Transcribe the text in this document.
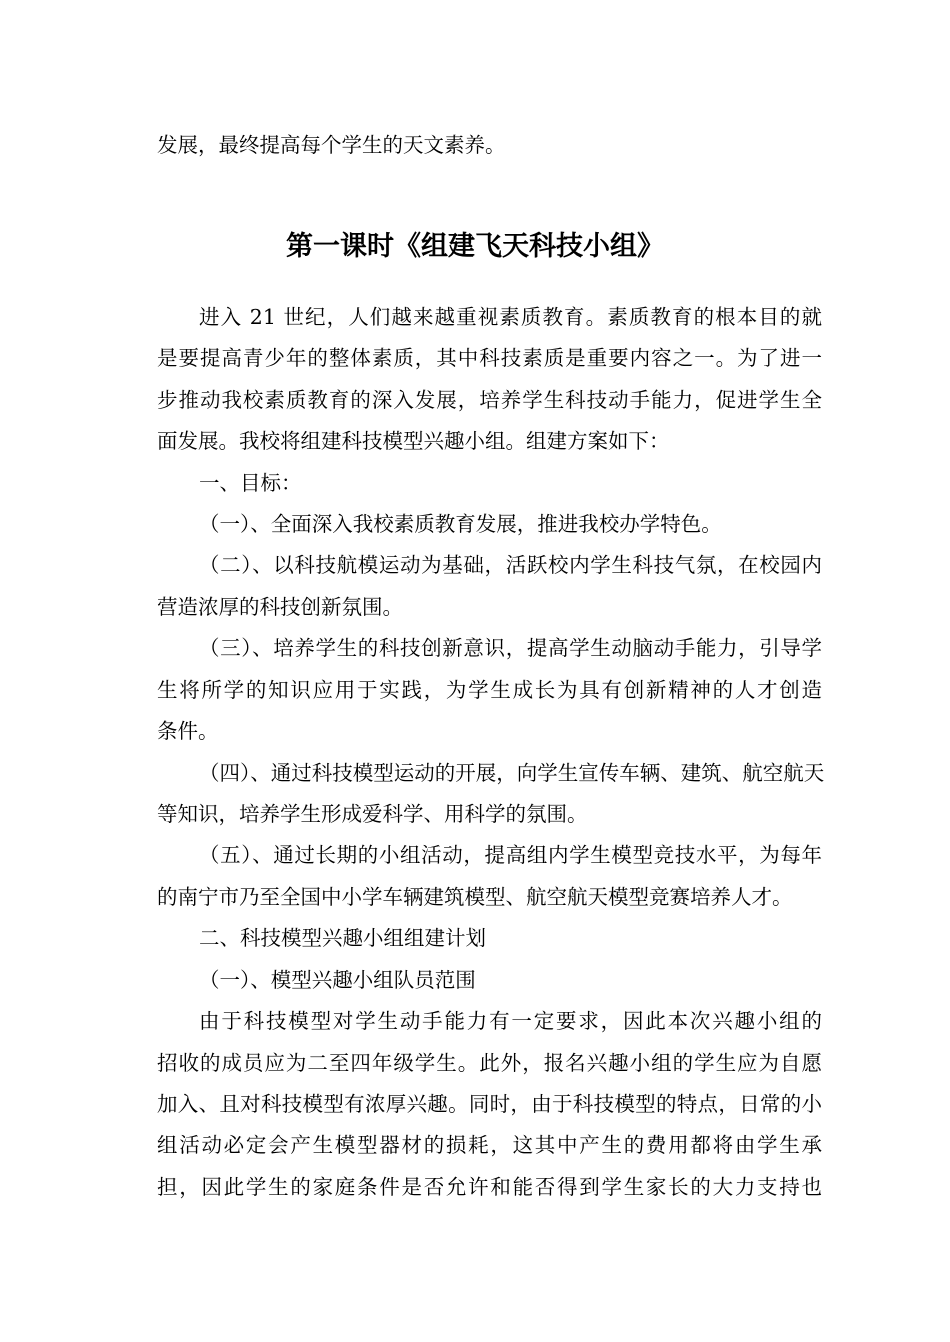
发展，最终提高每个学生的天文素养。
第一课时《组建飞天科技小组》
进入 21 世纪，人们越来越重视素质教育。素质教育的根本目的就
是要提高青少年的整体素质，其中科技素质是重要内容之一。为了进一
步推动我校素质教育的深入发展，培养学生科技动手能力，促进学生全
面发展。我校将组建科技模型兴趣小组。组建方案如下：
一、目标：
（一）、全面深入我校素质教育发展，推进我校办学特色。
（二）、以科技航模运动为基础，活跃校内学生科技气氛，在校园内
营造浓厚的科技创新氛围。
（三）、培养学生的科技创新意识，提高学生动脑动手能力，引导学
生将所学的知识应用于实践，为学生成长为具有创新精神的人才创造
条件。
（四）、通过科技模型运动的开展，向学生宣传车辆、建筑、航空航天
等知识，培养学生形成爱科学、用科学的氛围。
（五）、通过长期的小组活动，提高组内学生模型竞技水平，为每年
的南宁市乃至全国中小学车辆建筑模型、航空航天模型竞赛培养人才。
二、科技模型兴趣小组组建计划
（一）、模型兴趣小组队员范围
由于科技模型对学生动手能力有一定要求，因此本次兴趣小组的
招收的成员应为二至四年级学生。此外，报名兴趣小组的学生应为自愿
加入、且对科技模型有浓厚兴趣。同时，由于科技模型的特点，日常的小
组活动必定会产生模型器材的损耗，这其中产生的费用都将由学生承
担，因此学生的家庭条件是否允许和能否得到学生家长的大力支持也
